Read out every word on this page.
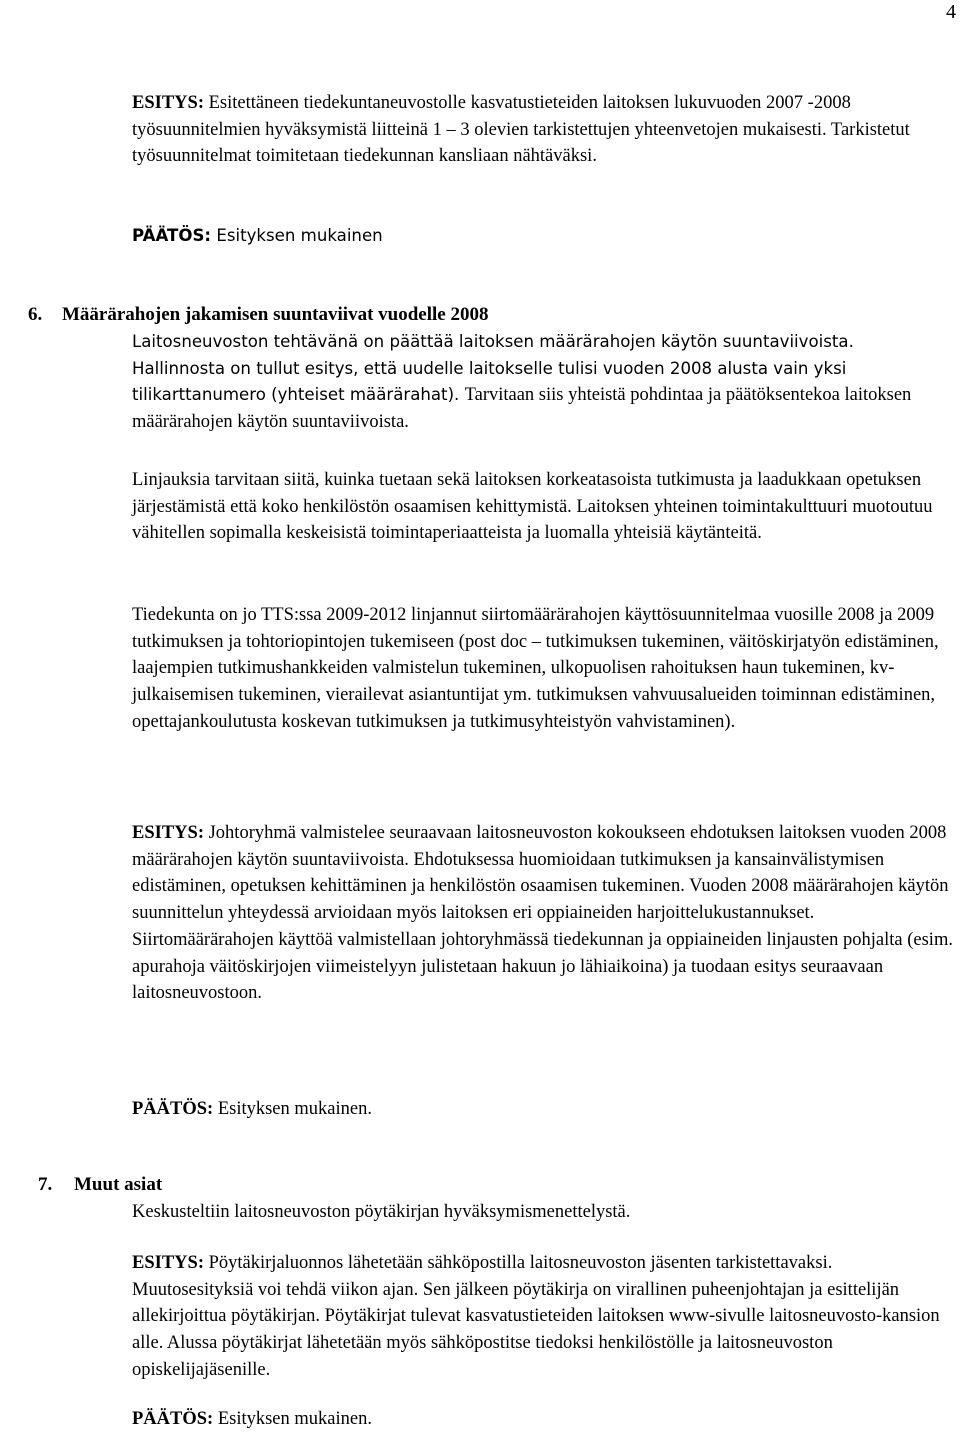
4

ESITYS: Esitettäneen tiedekuntaneuvostolle kasvatustieteiden laitoksen lukuvuoden 2007 -2008 työsuunnitelmien hyväksymistä liitteinä 1 – 3 olevien tarkistettujen yhteenvetojen mukaisesti. Tarkistetut työsuunnitelmat toimitetaan tiedekunnan kansliaan nähtäväksi.

PÄÄTÖS: Esityksen mukainen

6. Määrärahojen jakamisen suuntaviivat vuodelle 2008

Laitosneuvoston tehtävänä on päättää laitoksen määrärahojen käytön suuntaviivoista.

Hallinnosta on tullut esitys, että uudelle laitokselle tulisi vuoden 2008 alusta vain yksi tilikarttanumero (yhteiset määrärahat). Tarvitaan siis yhteistä pohdintaa ja päätöksentekoa laitoksen määrärahojen käytön suuntaviivoista.

Linjauksia tarvitaan siitä, kuinka tuetaan sekä laitoksen korkeatasoista tutkimusta ja laadukkaan opetuksen järjestämistä että koko henkilöstön osaamisen kehittymistä. Laitoksen yhteinen toimintakulttuuri muotoutuu vähitellen sopimalla keskeisistä toimintaperiaatteista ja luomalla yhteisiä käytänteitä.

Tiedekunta on jo TTS:ssa 2009-2012 linjannut siirtomäärärahojen käyttösuunnitelmaa vuosille 2008 ja 2009 tutkimuksen ja tohtoriopintojen tukemiseen (post doc – tutkimuksen tukeminen, väitöskirjatyön edistäminen, laajempien tutkimushankkeiden valmistelun tukeminen, ulkopuolisen rahoituksen haun tukeminen, kv-julkaisemisen tukeminen, vierailevat asiantuntijat ym. tutkimuksen vahvuusalueiden toiminnan edistäminen, opettajankoulutusta koskevan tutkimuksen ja tutkimusyhteistyön vahvistaminen).

ESITYS: Johtoryhmä valmistelee seuraavaan laitosneuvoston kokoukseen ehdotuksen laitoksen vuoden 2008 määrärahojen käytön suuntaviivoista. Ehdotuksessa huomioidaan tutkimuksen ja kansainvälistymisen edistäminen, opetuksen kehittäminen ja henkilöstön osaamisen tukeminen. Vuoden 2008 määrärahojen käytön suunnittelun yhteydessä arvioidaan myös laitoksen eri oppiaineiden harjoittelukustannukset. Siirtomäärärahojen käyttöä valmistellaan johtoryhmässä tiedekunnan ja oppiaineiden linjausten pohjalta (esim. apurahoja väitöskirjojen viimeistelyyn julistetaan hakuun jo lähiaikoina) ja tuodaan esitys seuraavaan laitosneuvostoon.

PÄÄTÖS: Esityksen mukainen.

7. Muut asiat

Keskusteltiin laitosneuvoston pöytäkirjan hyväksymismenettelystä.

ESITYS: Pöytäkirjaluonnos lähetetään sähköpostilla laitosneuvoston jäsenten tarkistettavaksi. Muutosesityksiä voi tehdä viikon ajan. Sen jälkeen pöytäkirja on virallinen puheenjohtajan ja esittelijän allekirjoittua pöytäkirjan. Pöytäkirjat tulevat kasvatustieteiden laitoksen www-sivulle laitosneuvosto-kansion alle. Alussa pöytäkirjat lähetetään myös sähköpostitse tiedoksi henkilöstölle ja laitosneuvoston opiskelijajäsenille.

PÄÄTÖS: Esityksen mukainen.
